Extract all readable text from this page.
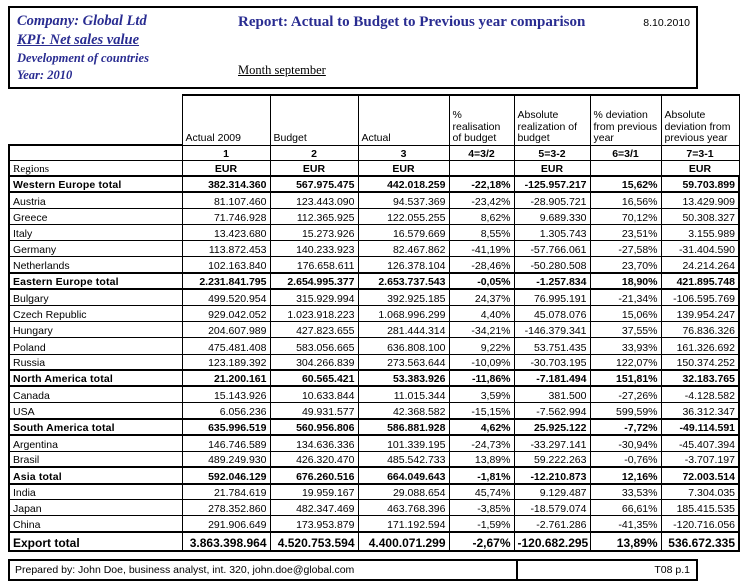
Company: Global Ltd
KPI: Net sales value
Development of countries
Year: 2010
Report: Actual to Budget to Previous year comparison	8.10.2010
Month september
	Actual 2009	Budget	Actual	% realisation of budget	Absolute realization of budget	% deviation from previous year	Absolute deviation from previous year
	1	2	3	4=3/2	5=3-2	6=3/1	7=3-1
Regions	EUR	EUR	EUR		EUR		EUR
Western Europe total	382.314.360	567.975.475	442.018.259	-22,18%	-125.957.217	15,62%	59.703.899
Austria	81.107.460	123.443.090	94.537.369	-23,42%	-28.905.721	16,56%	13.429.909
Greece	71.746.928	112.365.925	122.055.255	8,62%	9.689.330	70,12%	50.308.327
Italy	13.423.680	15.273.926	16.579.669	8,55%	1.305.743	23,51%	3.155.989
Germany	113.872.453	140.233.923	82.467.862	-41,19%	-57.766.061	-27,58%	-31.404.590
Netherlands	102.163.840	176.658.611	126.378.104	-28,46%	-50.280.508	23,70%	24.214.264
Eastern Europe total	2.231.841.795	2.654.995.377	2.653.737.543	-0,05%	-1.257.834	18,90%	421.895.748
Bulgary	499.520.954	315.929.994	392.925.185	24,37%	76.995.191	-21,34%	-106.595.769
Czech Republic	929.042.052	1.023.918.223	1.068.996.299	4,40%	45.078.076	15,06%	139.954.247
Hungary	204.607.989	427.823.655	281.444.314	-34,21%	-146.379.341	37,55%	76.836.326
Poland	475.481.408	583.056.665	636.808.100	9,22%	53.751.435	33,93%	161.326.692
Russia	123.189.392	304.266.839	273.563.644	-10,09%	-30.703.195	122,07%	150.374.252
North America total	21.200.161	60.565.421	53.383.926	-11,86%	-7.181.494	151,81%	32.183.765
Canada	15.143.926	10.633.844	11.015.344	3,59%	381.500	-27,26%	-4.128.582
USA	6.056.236	49.931.577	42.368.582	-15,15%	-7.562.994	599,59%	36.312.347
South America total	635.996.519	560.956.806	586.881.928	4,62%	25.925.122	-7,72%	-49.114.591
Argentina	146.746.589	134.636.336	101.339.195	-24,73%	-33.297.141	-30,94%	-45.407.394
Brasil	489.249.930	426.320.470	485.542.733	13,89%	59.222.263	-0,76%	-3.707.197
Asia total	592.046.129	676.260.516	664.049.643	-1,81%	-12.210.873	12,16%	72.003.514
India	21.784.619	19.959.167	29.088.654	45,74%	9.129.487	33,53%	7.304.035
Japan	278.352.860	482.347.469	463.768.396	-3,85%	-18.579.074	66,61%	185.415.535
China	291.906.649	173.953.879	171.192.594	-1,59%	-2.761.286	-41,35%	-120.716.056
Export total	3.863.398.964	4.520.753.594	4.400.071.299	-2,67%	-120.682.295	13,89%	536.672.335
Prepared by: John Doe, business analyst, int. 320, john.doe@global.com	T08 p.1
